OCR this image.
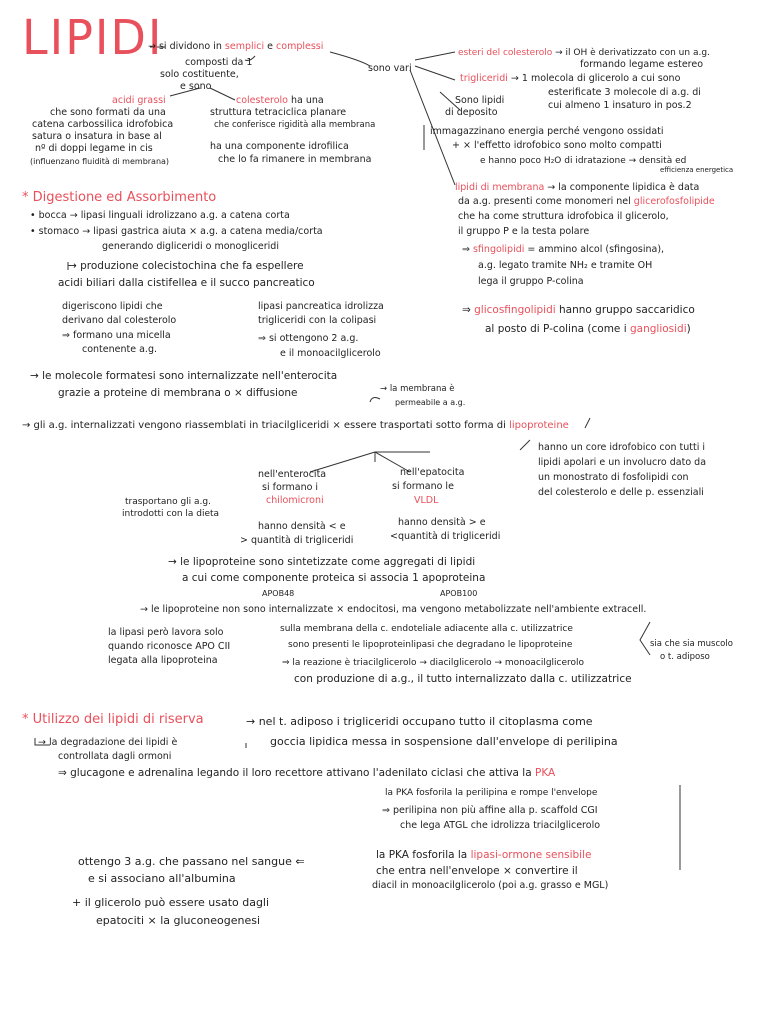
LIPIDI
→ si dividono in semplici e complessi
composti da 1
solo costituente,
e sono
sono vari
acidi grassi
che sono formati da una
catena carbossilica idrofobica
satura o insatura in base al
nº di doppi legame in cis
(influenzano fluidità di membrana)
colesterolo ha una
struttura tetraciclica planare
che conferisce rigidità alla membrana
ha una componente idrofilica
che lo fa rimanere in membrana
esteri del colesterolo → il OH è derivatizzato con un a.g.
formando legame estereo
trigliceridi → 1 molecola di glicerolo a cui sono
esterificate 3 molecole di a.g. di
cui almeno 1 insaturo in pos.2
Sono lipidi
di deposito
immagazzinano energia perché vengono ossidati
+ × l'effetto idrofobico sono molto compatti
e hanno poco H₂O di idratazione → densità ed
efficienza energetica
lipidi di membrana → la componente lipidica è data
da a.g. presenti come monomeri nel glicerofosfolipide
che ha come struttura idrofobica il glicerolo,
il gruppo P e la testa polare
⇒ sfingolipidi = ammino alcol (sfingosina),
a.g. legato tramite NH₂ e tramite OH
lega il gruppo P-colina
⇒ glicosfingolipidi hanno gruppo saccaridico
al posto di P-colina (come i gangliosidi)
* Digestione ed Assorbimento
• bocca → lipasi linguali idrolizzano a.g. a catena corta
• stomaco → lipasi gastrica aiuta × a.g. a catena media/corta
generando digliceridi o monogliceridi
→ produzione colecistochina che fa espellere
acidi biliari dalla cistifellea e il succo pancreatico
digeriscono lipidi che
derivano dal colesterolo
⇒ formano una micella
contenente a.g.
lipasi pancreatica idrolizza
trigliceridi con la colipasi
⇒ si ottengono 2 a.g.
e il monoacilglicerolo
→ le molecole formatesi sono internalizzate nell'enterocita
grazie a proteine di membrana o × diffusione	→ la membrana è
permeabile a a.g.
→ gli a.g. internalizzati vengono riassemblati in triacilgliceridi × essere trasportati sotto forma di lipoproteine
hanno un core idrofobico con tutti i
lipidi apolari e un involucro dato da
un monostrato di fosfolipidi con
del colesterolo e delle p. essenziali
nell'enterocita
si formano i
chilomicroni
trasportano gli a.g.
introdotti con la dieta
hanno densità < e
> quantità di trigliceridi
nell'epatocita
si formano le
VLDL
hanno densità > e
<quantità di trigliceridi
→ le lipoproteine sono sintetizzate come aggregati di lipidi
a cui come componente proteica si associa 1 apoproteina
APOB48	APOB100
→ le lipoproteine non sono internalizzate × endocitosi, ma vengono metabolizzate nell'ambiente extracell.
la lipasi però lavora solo
quando riconosce APO CII
legata alla lipoproteina
sulla membrana della c. endoteliale adiacente alla c. utilizzatrice
sono presenti le lipoproteinlipasi che degradano le lipoproteine	sia che sia muscolo
o t. adiposo
⇒ la reazione è triacilglicerolo → diacilglicerolo → monoacilglicerolo
con produzione di a.g., il tutto internalizzato dalla c. utilizzatrice
* Utilizzo dei lipidi di riserva	→ nel t. adiposo i trigliceridi occupano tutto il citoplasma come
goccia lipidica messa in sospensione dall'envelope di perilipina
→ la degradazione dei lipidi è
controllata dagli ormoni
⇒ glucagone e adrenalina legando il loro recettore attivano l'adenilato ciclasi che attiva la PKA
la PKA fosforila la perilipina e rompe l'envelope
⇒ perilipina non più affine alla p. scaffold CGI
che lega ATGL che idrolizza triacilglicerolo
la PKA fosforila la lipasi-ormone sensibile
che entra nell'envelope × convertire il
diacil in monoacilglicerolo (poi a.g. grasso e MGL)
ottengo 3 a.g. che passano nel sangue ⇐
e si associano all'albumina
+ il glicerolo può essere usato dagli
epatociti × la gluconeogenesi
